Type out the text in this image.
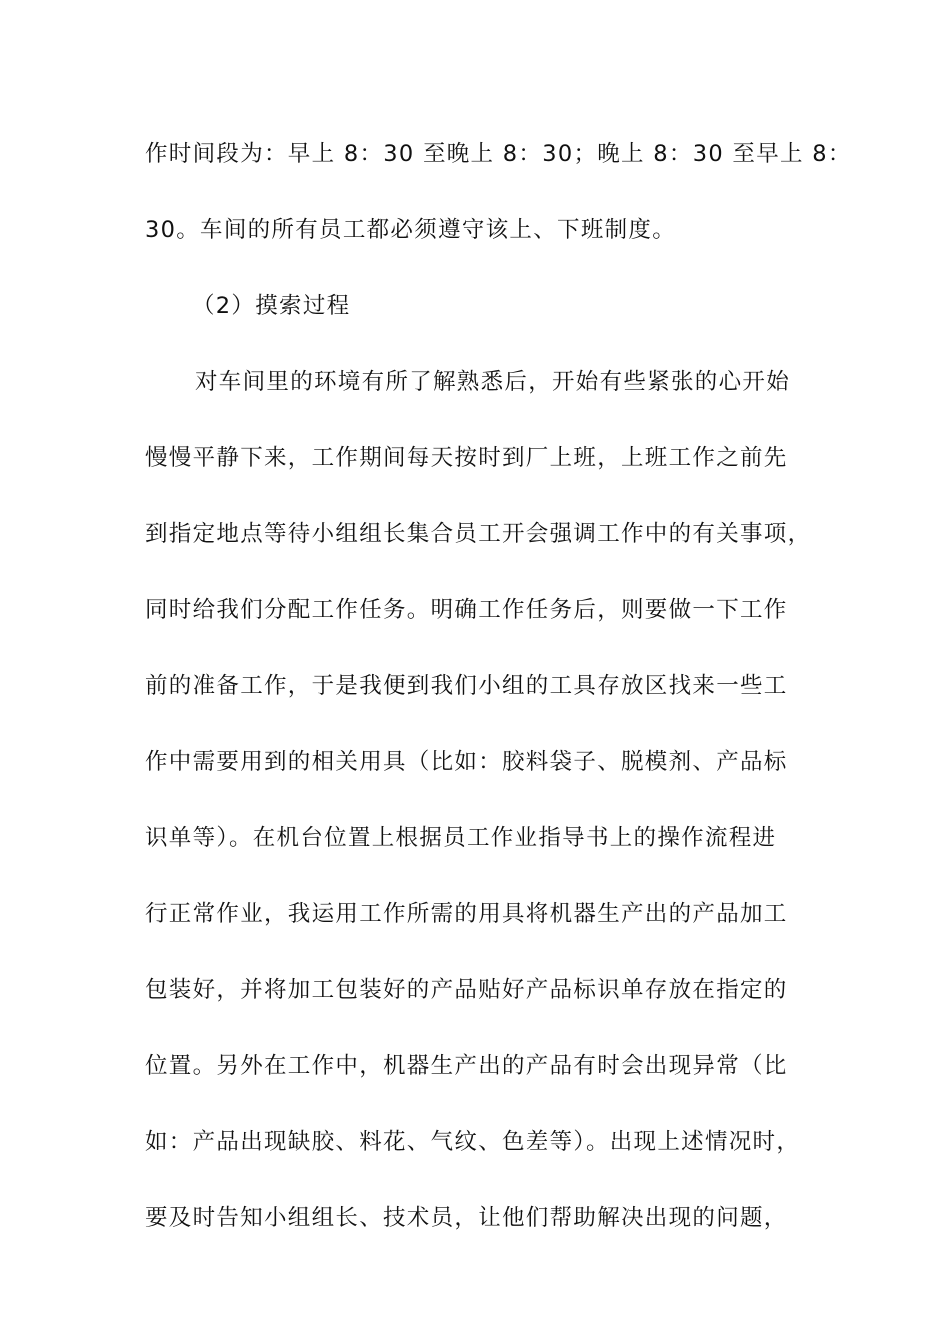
作时间段为：早上 8：30 至晚上 8：30；晚上 8：30 至早上 8：
30。车间的所有员工都必须遵守该上、下班制度。
（2）摸索过程
对车间里的环境有所了解熟悉后，开始有些紧张的心开始
慢慢平静下来，工作期间每天按时到厂上班，上班工作之前先
到指定地点等待小组组长集合员工开会强调工作中的有关事项，
同时给我们分配工作任务。明确工作任务后，则要做一下工作
前的准备工作，于是我便到我们小组的工具存放区找来一些工
作中需要用到的相关用具（比如：胶料袋子、脱模剂、产品标
识单等）。在机台位置上根据员工作业指导书上的操作流程进
行正常作业，我运用工作所需的用具将机器生产出的产品加工
包装好，并将加工包装好的产品贴好产品标识单存放在指定的
位置。另外在工作中，机器生产出的产品有时会出现异常（比
如：产品出现缺胶、料花、气纹、色差等）。出现上述情况时，
要及时告知小组组长、技术员，让他们帮助解决出现的问题，
